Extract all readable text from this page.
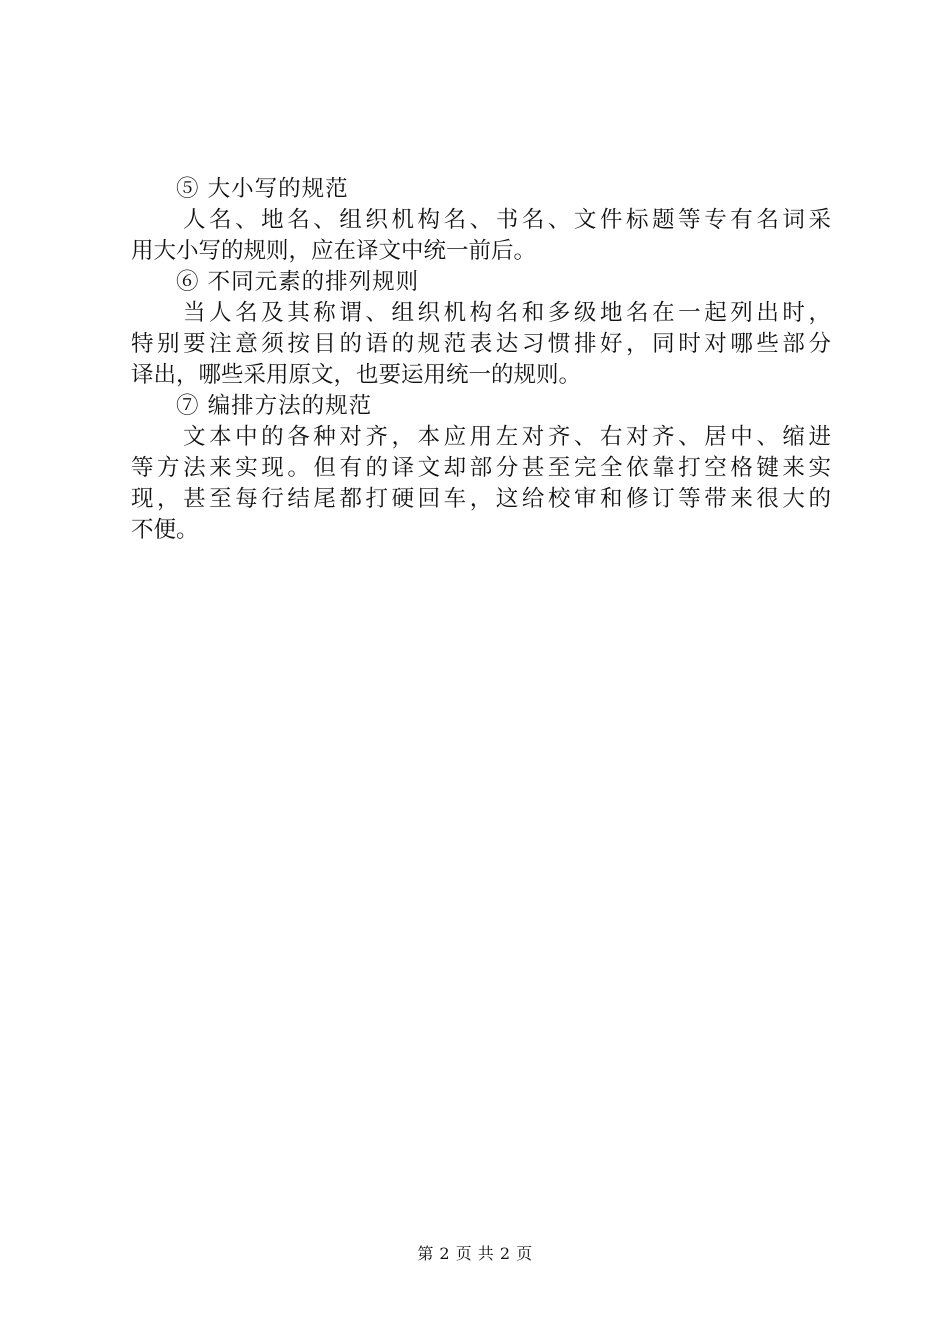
⑤ 大小写的规范
人名、地名、组织机构名、书名、文件标题等专有名词采
用大小写的规则，应在译文中统一前后。
⑥ 不同元素的排列规则
当人名及其称谓、组织机构名和多级地名在一起列出时，
特别要注意须按目的语的规范表达习惯排好，同时对哪些部分
译出，哪些采用原文，也要运用统一的规则。
⑦ 编排方法的规范
文本中的各种对齐，本应用左对齐、右对齐、居中、缩进
等方法来实现。但有的译文却部分甚至完全依靠打空格键来实
现，甚至每行结尾都打硬回车，这给校审和修订等带来很大的
不便。
第 2 页 共 2 页
